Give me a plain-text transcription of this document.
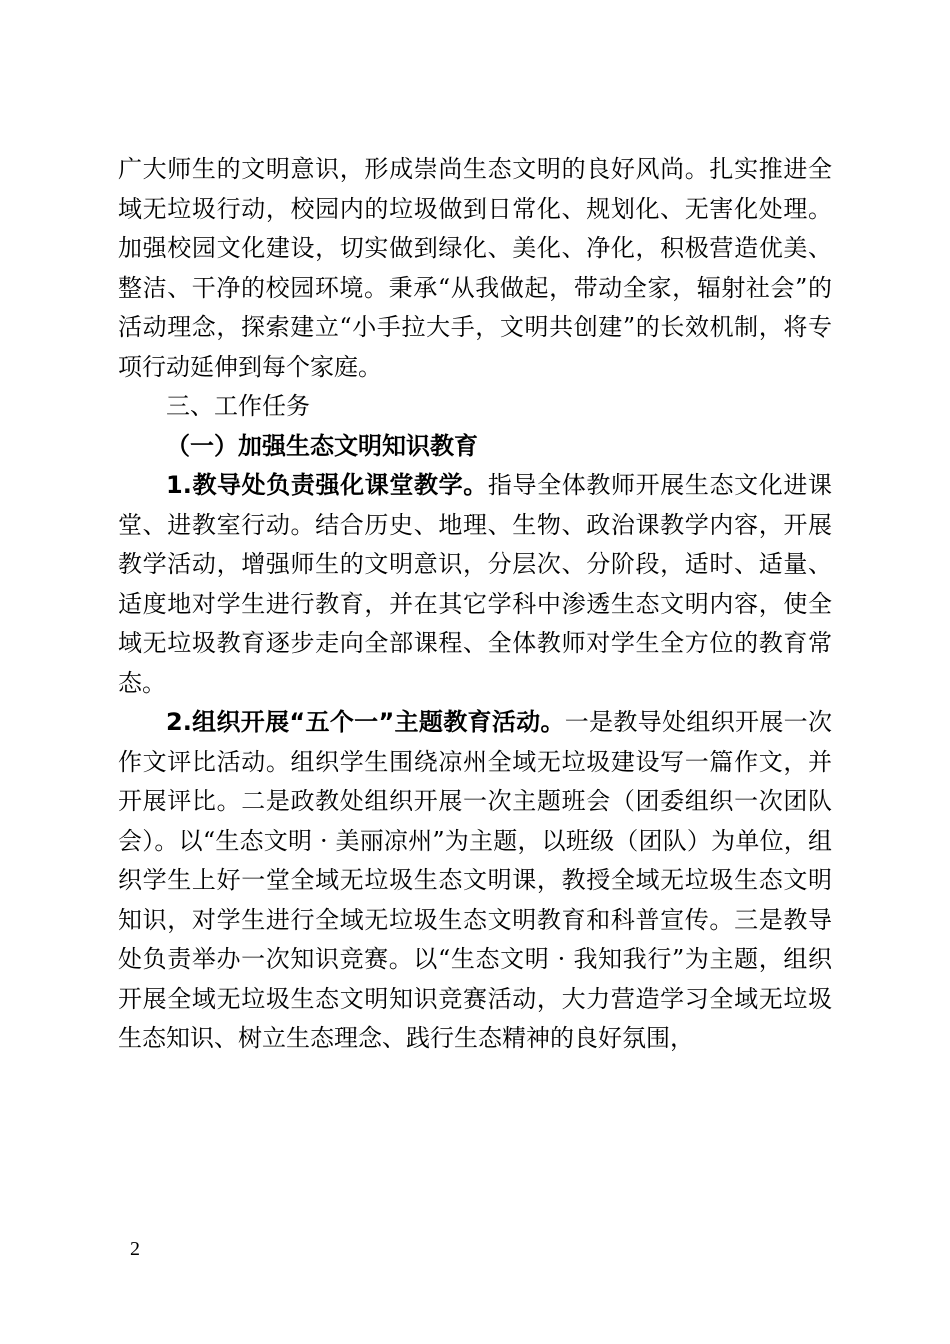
广大师生的文明意识，形成崇尚生态文明的良好风尚。扎实推进全域无垃圾行动，校园内的垃圾做到日常化、规划化、无害化处理。加强校园文化建设，切实做到绿化、美化、净化，积极营造优美、整洁、干净的校园环境。秉承“从我做起，带动全家，辐射社会”的活动理念，探索建立“小手拉大手，文明共创建”的长效机制，将专项行动延伸到每个家庭。

三、工作任务

（一）加强生态文明知识教育

1.教导处负责强化课堂教学。指导全体教师开展生态文化进课堂、进教室行动。结合历史、地理、生物、政治课教学内容，开展教学活动，增强师生的文明意识，分层次、分阶段，适时、适量、适度地对学生进行教育，并在其它学科中渗透生态文明内容，使全域无垃圾教育逐步走向全部课程、全体教师对学生全方位的教育常态。

2.组织开展“五个一”主题教育活动。一是教导处组织开展一次作文评比活动。组织学生围绕凉州全域无垃圾建设写一篇作文，并开展评比。二是政教处组织开展一次主题班会（团委组织一次团队会）。以“生态文明 · 美丽凉州”为主题，以班级（团队）为单位，组织学生上好一堂全域无垃圾生态文明课，教授全域无垃圾生态文明知识，对学生进行全域无垃圾生态文明教育和科普宣传。三是教导处负责举办一次知识竞赛。以“生态文明 · 我知我行”为主题，组织开展全域无垃圾生态文明知识竞赛活动，大力营造学习全域无垃圾生态知识、树立生态理念、践行生态精神的良好氛围，

2
